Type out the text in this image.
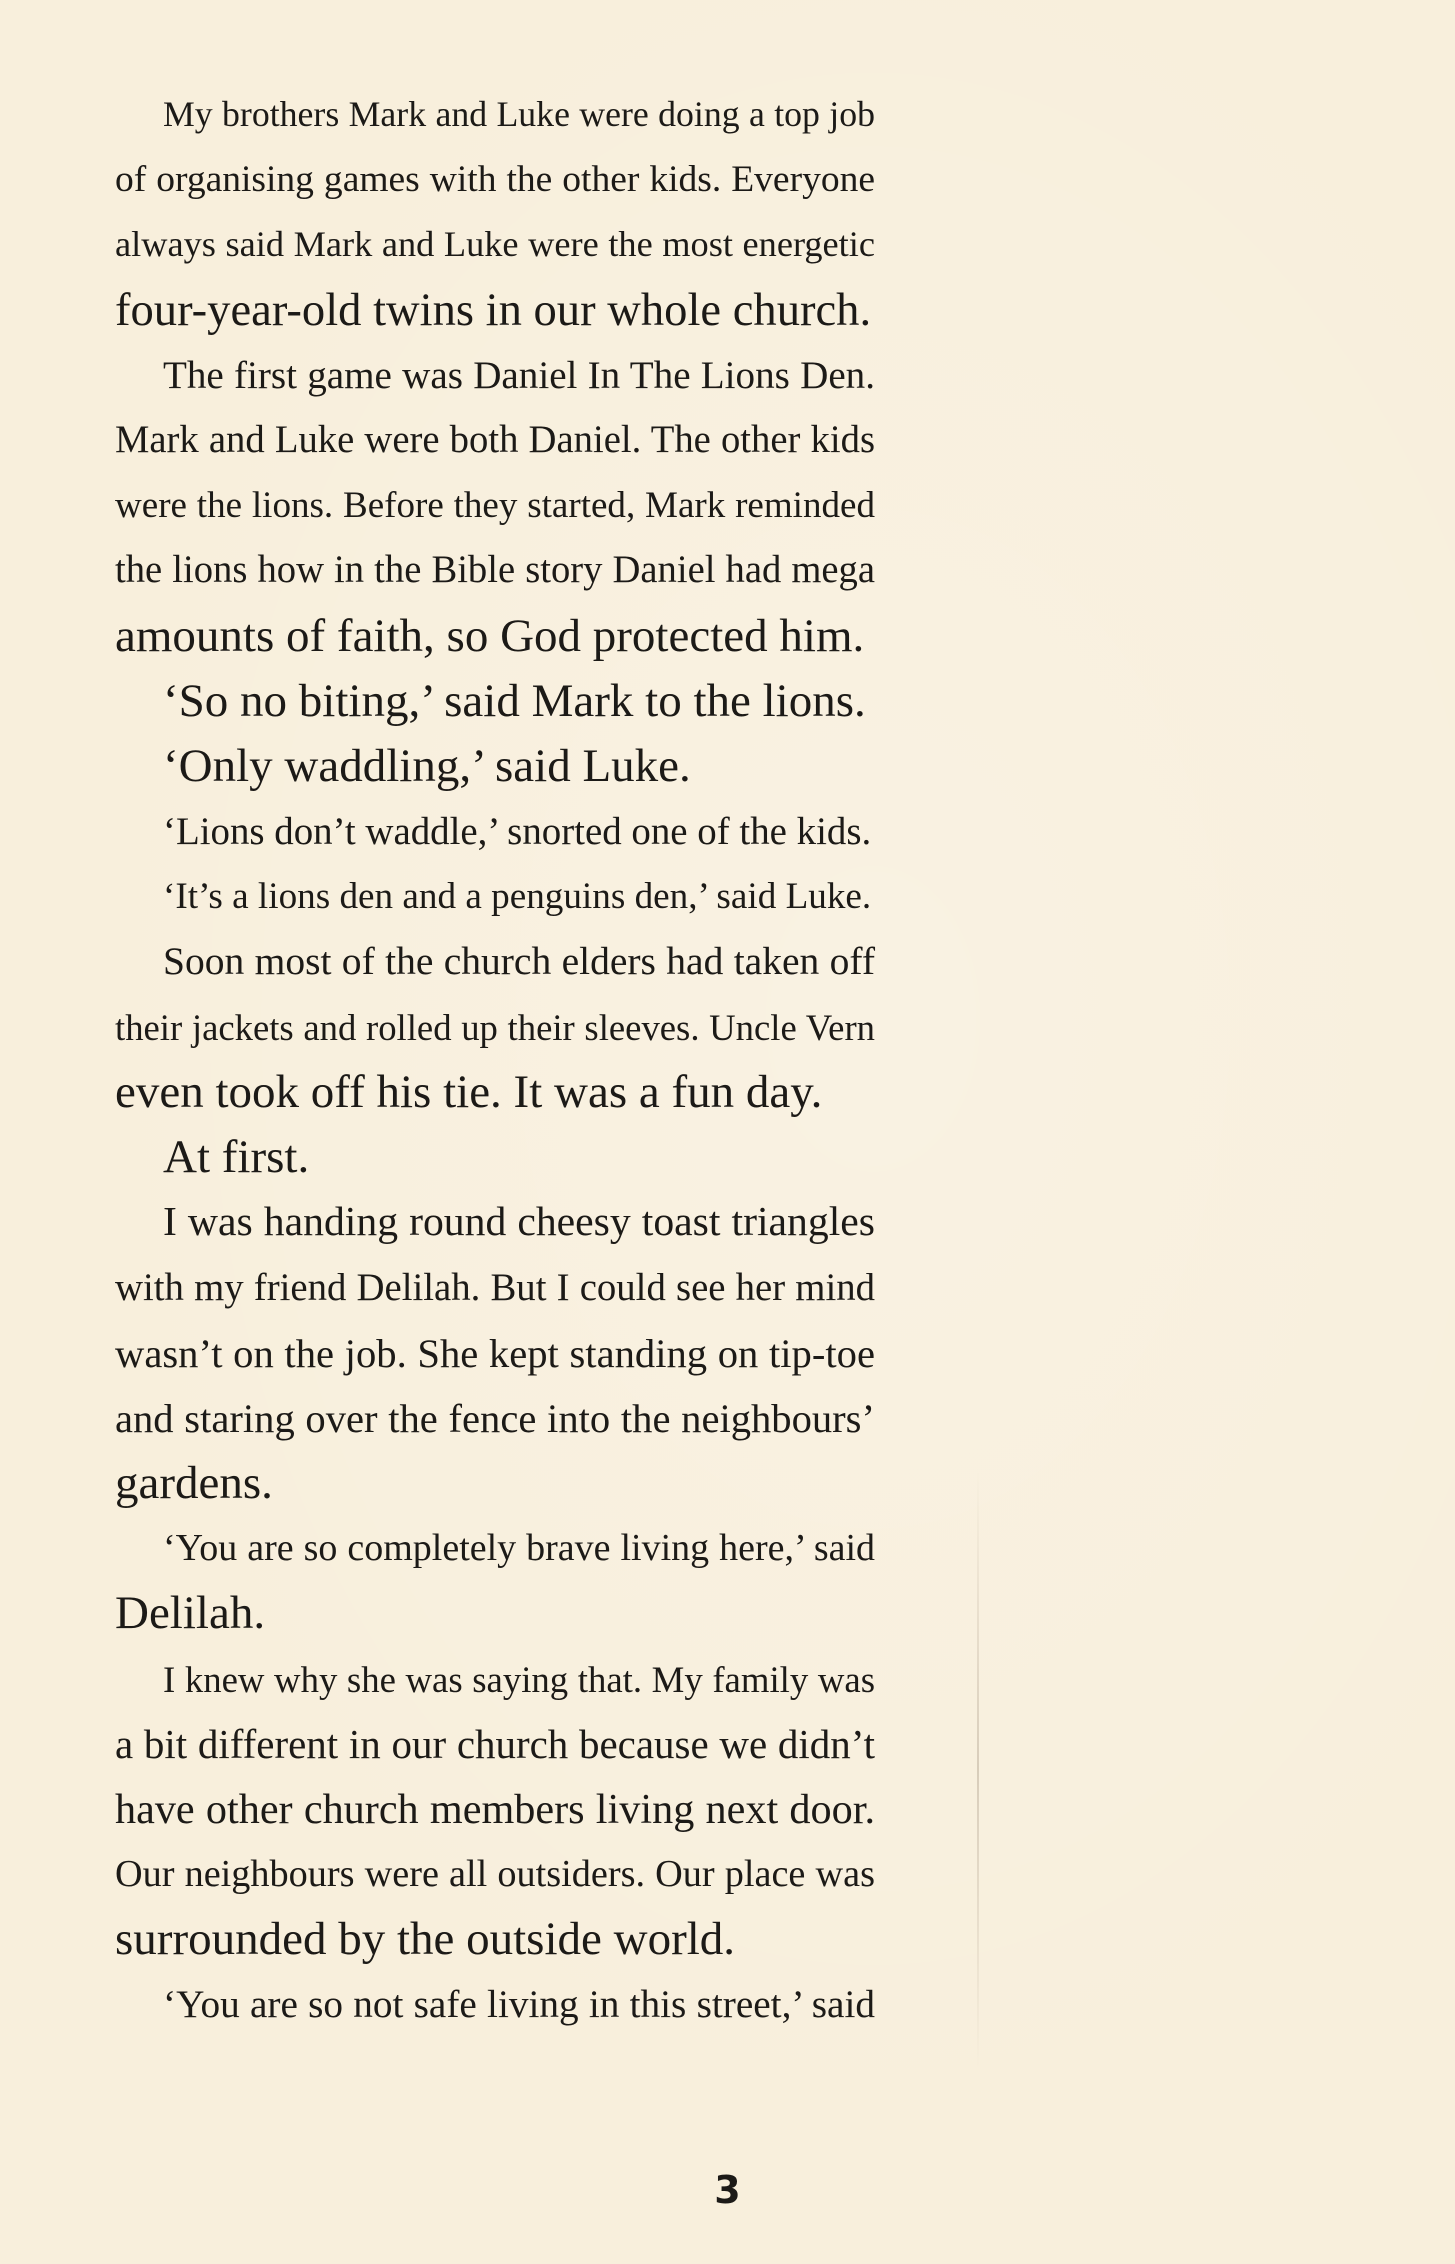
My brothers Mark and Luke were doing a top job
of organising games with the other kids. Everyone
always said Mark and Luke were the most energetic
four-year-old twins in our whole church.
The first game was Daniel In The Lions Den.
Mark and Luke were both Daniel. The other kids
were the lions. Before they started, Mark reminded
the lions how in the Bible story Daniel had mega
amounts of faith, so God protected him.
‘So no biting,’ said Mark to the lions.
‘Only waddling,’ said Luke.
‘Lions don’t waddle,’ snorted one of the kids.
‘It’s a lions den and a penguins den,’ said Luke.
Soon most of the church elders had taken off
their jackets and rolled up their sleeves. Uncle Vern
even took off his tie. It was a fun day.
At first.
I was handing round cheesy toast triangles
with my friend Delilah. But I could see her mind
wasn’t on the job. She kept standing on tip-toe
and staring over the fence into the neighbours’
gardens.
‘You are so completely brave living here,’ said
Delilah.
I knew why she was saying that. My family was
a bit different in our church because we didn’t
have other church members living next door.
Our neighbours were all outsiders. Our place was
surrounded by the outside world.
‘You are so not safe living in this street,’ said
3
